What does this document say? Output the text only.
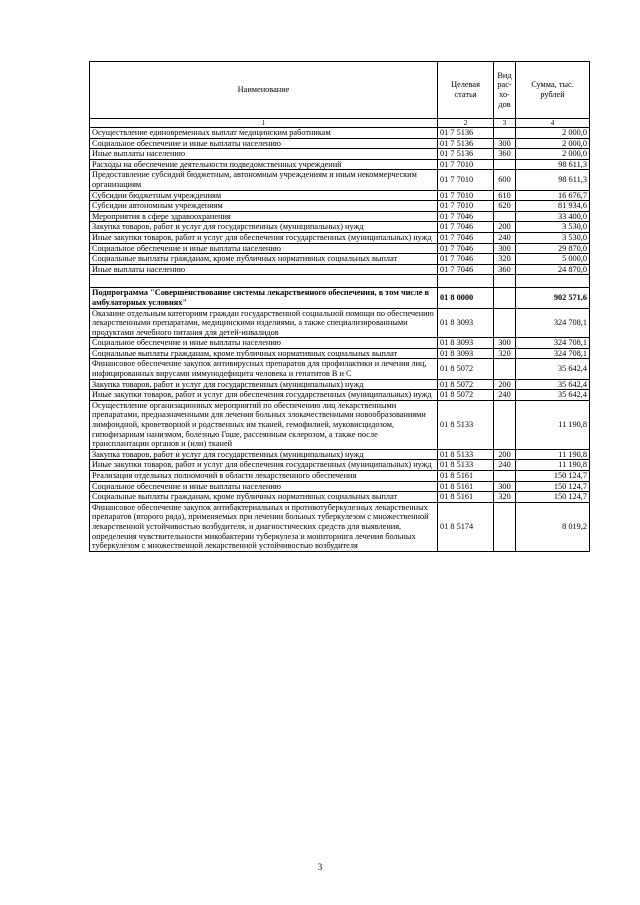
Наименование	Целевая статья	Вид рас-хо-дов	Сумма, тыс. рублей
1	2	3	4
Осуществление единовременных выплат медицинским работникам	01 7 5136		2 000,0
Социальное обеспечение и иные выплаты населению	01 7 5136	300	2 000,0
Иные выплаты населению	01 7 5136	360	2 000,0
Расходы на обеспечение деятельности подведомственных учреждений	01 7 7010		98 611,3
Предоставление субсидий бюджетным, автономным учреждениям и иным некоммерческим организациям	01 7 7010	600	98 611,3
Субсидии бюджетным учреждениям	01 7 7010	610	16 676,7
Субсидии автономным учреждениям	01 7 7010	620	81 934,6
Мероприятия в сфере здравоохранения	01 7 7046		33 400,0
Закупка товаров, работ и услуг для государственных (муниципальных) нужд	01 7 7046	200	3 530,0
Иные закупки товаров, работ и услуг для обеспечения государственных (муниципальных) нужд	01 7 7046	240	3 530,0
Социальное обеспечение и иные выплаты населению	01 7 7046	300	29 870,0
Социальные выплаты гражданам, кроме публичных нормативных социальных выплат	01 7 7046	320	5 000,0
Иные выплаты населению	01 7 7046	360	24 870,0

Подпрограмма "Совершенствование системы лекарственного обеспечения, в том числе в амбулаторных условиях"	01 8 0000		902 571,6
Оказание отдельным категориям граждан государственной социальной помощи по обеспечению лекарственными препаратами, медицинскими изделиями, а также специализированными продуктами лечебного питания для детей-инвалидов	01 8 3093		324 708,1
Социальное обеспечение и иные выплаты населению	01 8 3093	300	324 708,1
Социальные выплаты гражданам, кроме публичных нормативных социальных выплат	01 8 3093	320	324 708,1
Финансовое обеспечение закупок антивирусных препаратов для профилактики и лечения лиц, инфицированных вирусами иммунодефицита человека и гепатитов В и С	01 8 5072		35 642,4
Закупка товаров, работ и услуг для государственных (муниципальных) нужд	01 8 5072	200	35 642,4
Иные закупки товаров, работ и услуг для обеспечения государственных (муниципальных) нужд	01 8 5072	240	35 642,4
Осуществление организационных мероприятий по обеспечению лиц лекарственными препаратами, предназначенными для лечения больных злокачественными новообразованиями лимфоидной, кроветворной и родственных им тканей, гемофилией, муковисцидозом, гипофизарным нанизмом, болезнью Гоше, рассеянным склерозом, а также после трансплантации органов и (или) тканей	01 8 5133		11 190,8
Закупка товаров, работ и услуг для государственных (муниципальных) нужд	01 8 5133	200	11 190,8
Иные закупки товаров, работ и услуг для обеспечения государственных (муниципальных) нужд	01 8 5133	240	11 190,8
Реализация отдельных полномочий в области лекарственного обеспечения	01 8 5161		150 124,7
Социальное обеспечение и иные выплаты населению	01 8 5161	300	150 124,7
Социальные выплаты гражданам, кроме публичных нормативных социальных выплат	01 8 5161	320	150 124,7
Финансовое обеспечение закупок антибактериальных и противотуберкулезных лекарственных препаратов (второго ряда), применяемых при лечении больных туберкулезом с множественной лекарственной устойчивостью возбудителя, и диагностических средств для выявления, определения чувствительности микобактерии туберкулеза и мониторинга лечения больных туберкулезом с множественной лекарственной устойчивостью возбудителя	01 8 5174		8 019,2
3
